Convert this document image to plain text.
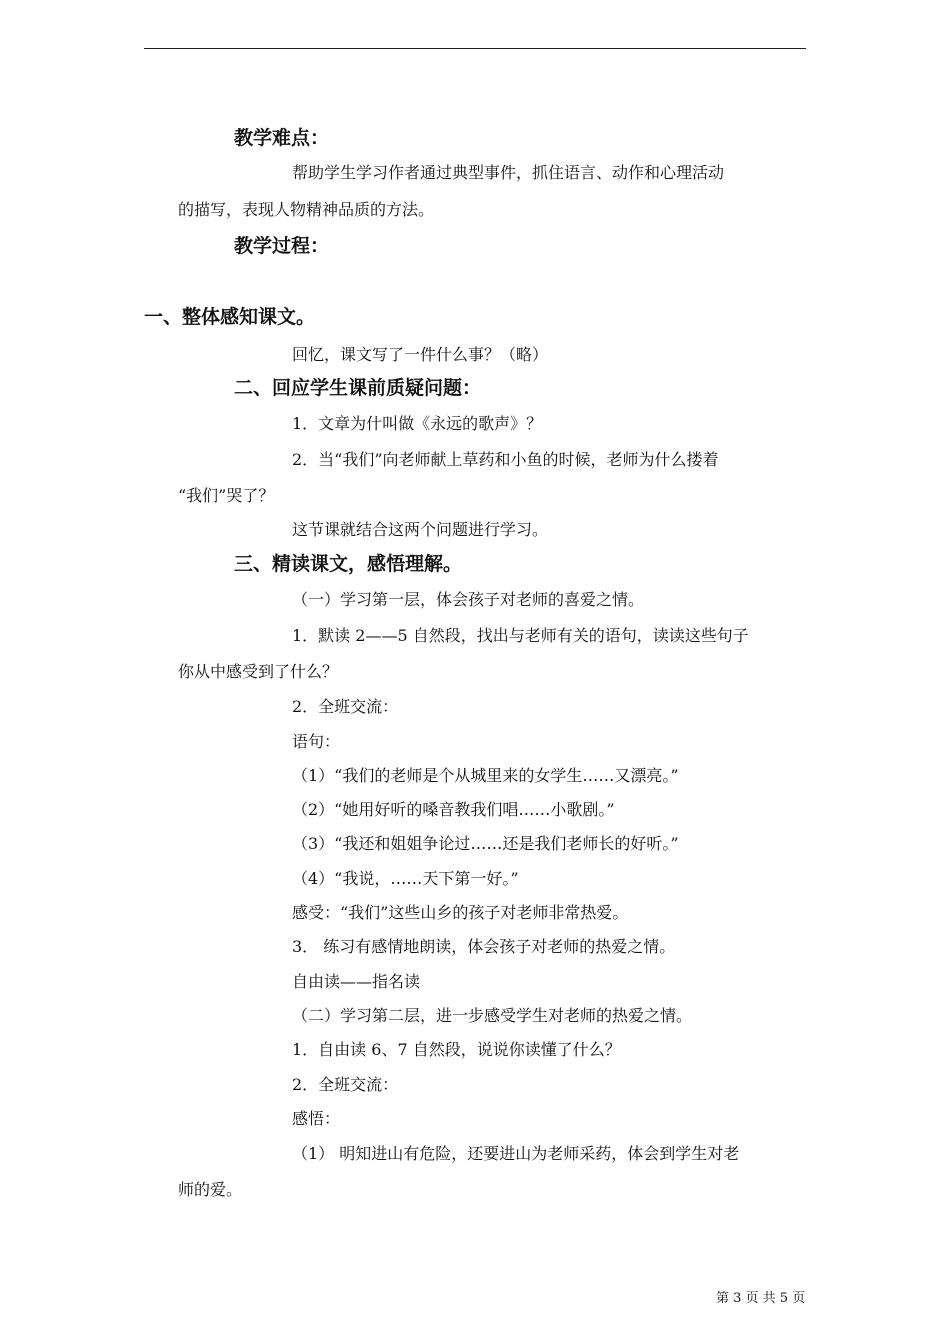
教学难点：
帮助学生学习作者通过典型事件，抓住语言、动作和心理活动
的描写，表现人物精神品质的方法。
教学过程：
一、整体感知课文。
回忆，课文写了一件什么事？（略）
二、回应学生课前质疑问题：
1．文章为什叫做《永远的歌声》？
2．当“我们”向老师献上草药和小鱼的时候，老师为什么搂着
“我们”哭了？
这节课就结合这两个问题进行学习。
三、精读课文，感悟理解。
（一）学习第一层，体会孩子对老师的喜爱之情。
1．默读 2——5 自然段，找出与老师有关的语句，读读这些句子
你从中感受到了什么？
2．全班交流：
语句：
（1）“我们的老师是个从城里来的女学生……又漂亮。”
（2）“她用好听的嗓音教我们唱……小歌剧。”
（3）“我还和姐姐争论过……还是我们老师长的好听。”
（4）“我说，……天下第一好。”
感受：“我们”这些山乡的孩子对老师非常热爱。
3． 练习有感情地朗读，体会孩子对老师的热爱之情。
自由读——指名读
（二）学习第二层，进一步感受学生对老师的热爱之情。
1．自由读 6、7 自然段，说说你读懂了什么？
2．全班交流：
感悟：
（1） 明知进山有危险，还要进山为老师采药，体会到学生对老
师的爱。
第 3 页 共 5 页
